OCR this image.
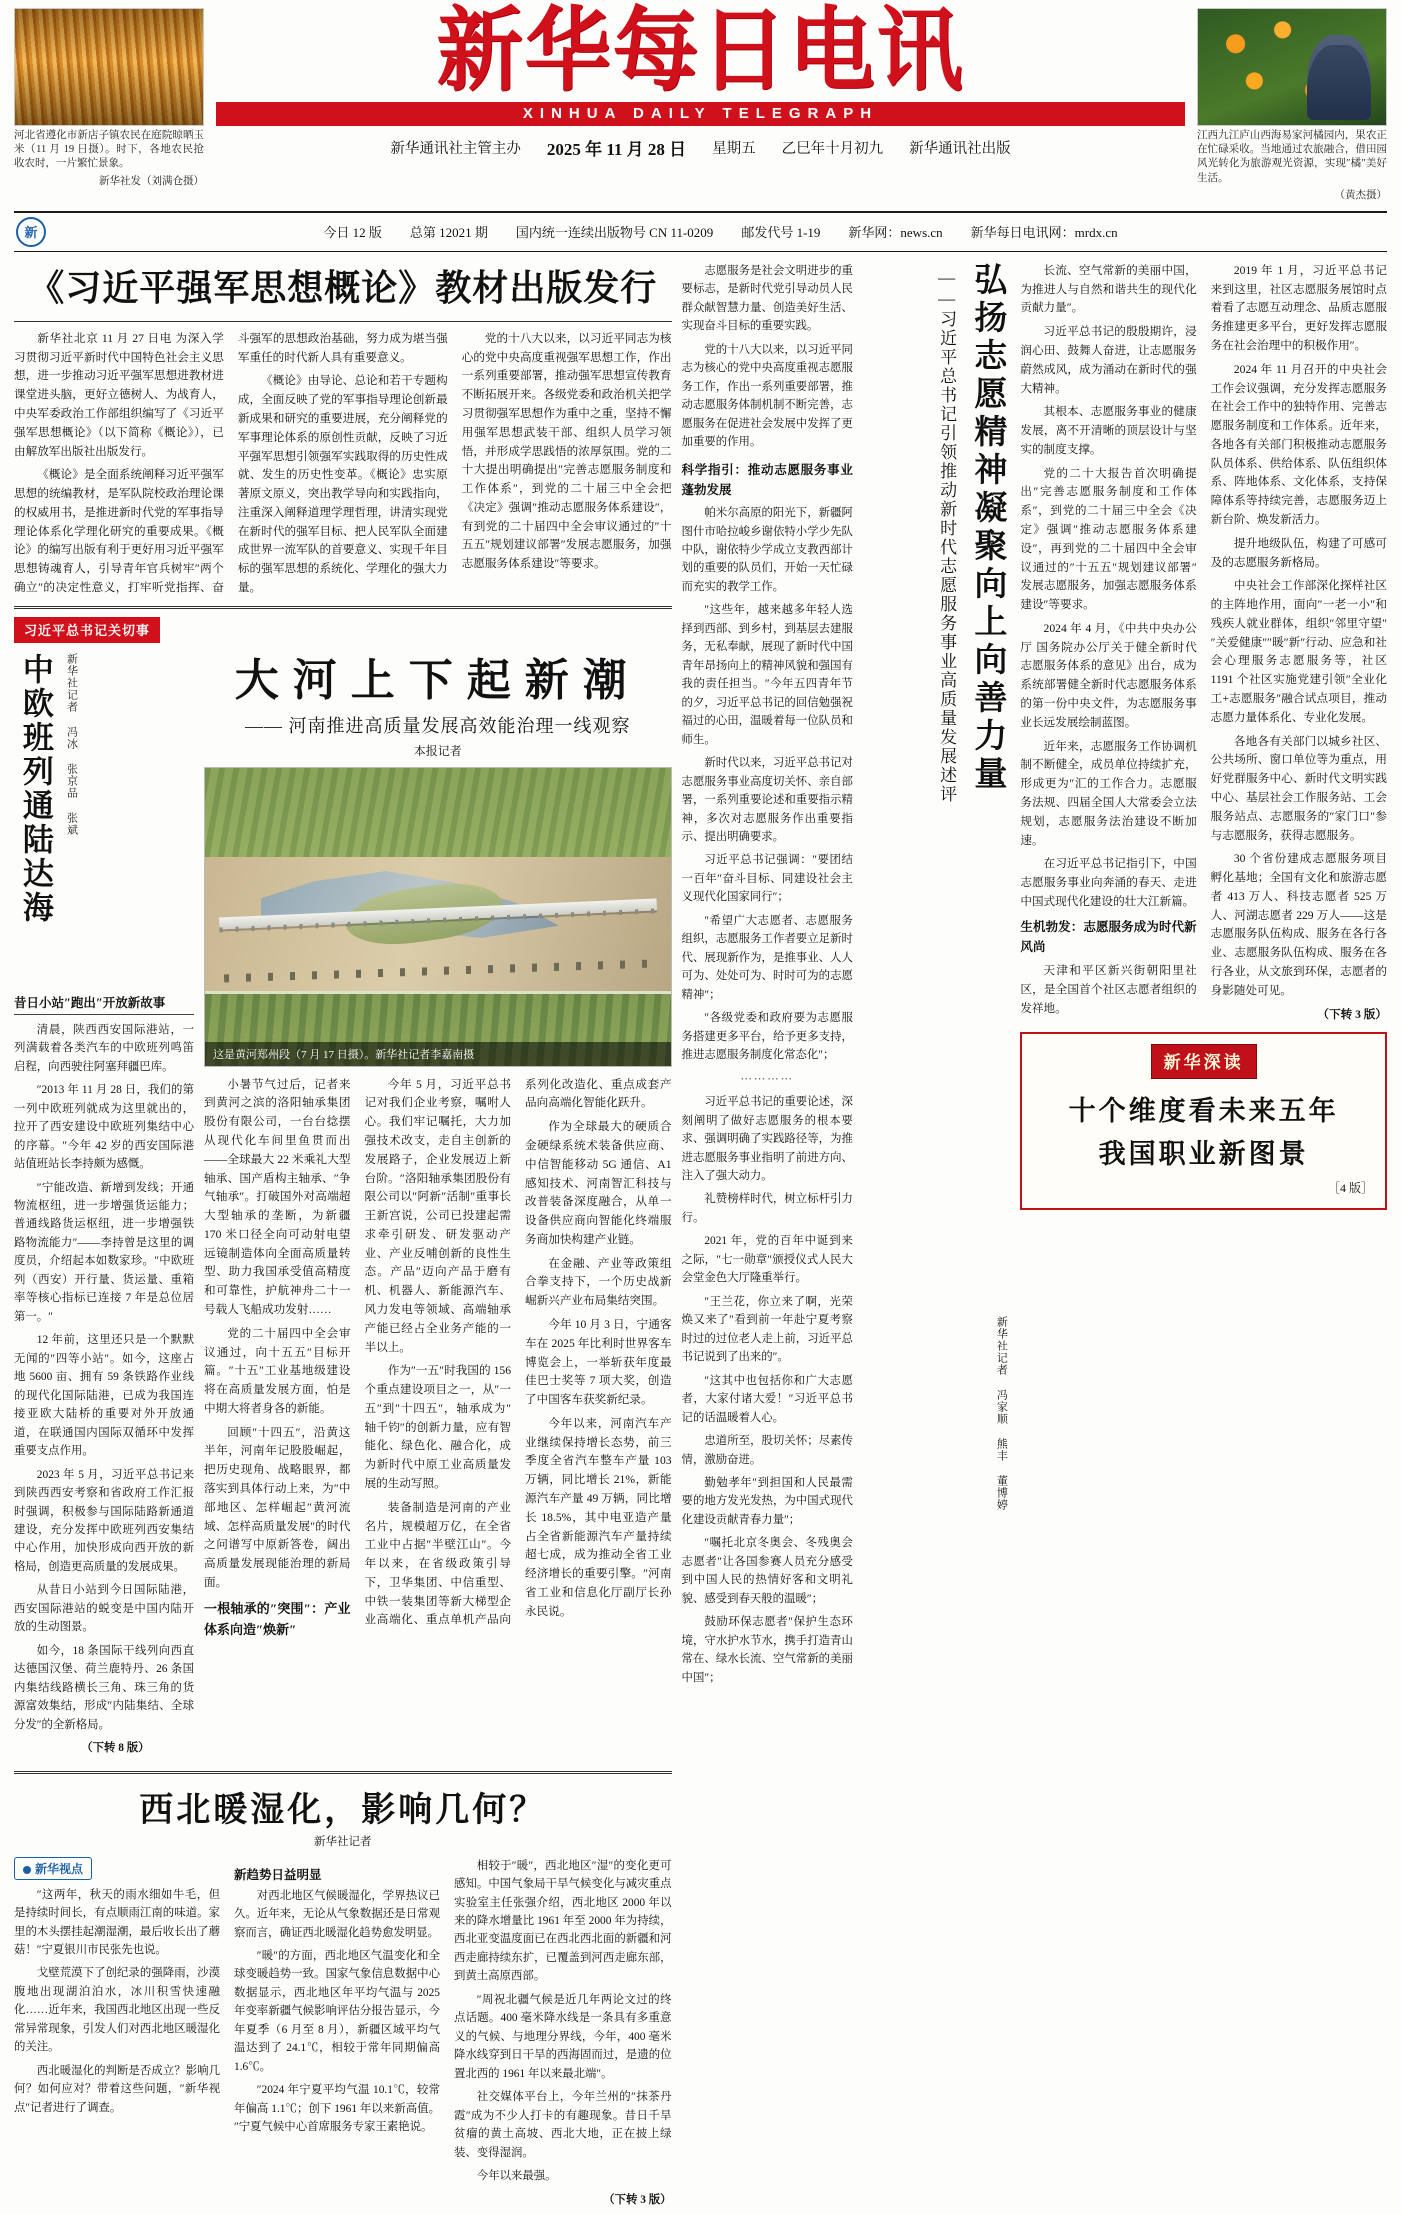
河北省遵化市新店子镇农民在庭院晾晒玉米（11 月 19 日摄）。时下，各地农民抢收农时，一片繁忙景象。
新华社发（刘满仓摄）
新华每日电讯
XINHUA DAILY TELEGRAPH
新华通讯社主管主办 2025 年 11 月 28 日 星期五 乙巳年十月初九 新华通讯社出版
江西九江庐山西海易家河橘园内，果农正在忙碌采收。当地通过农旅融合，借田园风光转化为旅游观光资源，实现″橘″美好生活。
（黄杰摄）
新	今日 12 版 总第 12021 期 国内统一连续出版物号 CN 11-0209 邮发代号 1-19 新华网：news.cn 新华每日电讯网：mrdx.cn
《习近平强军思想概论》教材出版发行

新华社北京 11 月 27 日电 为深入学习贯彻习近平新时代中国特色社会主义思想，进一步推动习近平强军思想进教材进课堂进头脑，更好立德树人、为战育人，中央军委政治工作部组织编写了《习近平强军思想概论》（以下简称《概论》），已由解放军出版社出版发行。

《概论》是全面系统阐释习近平强军思想的统编教材，是军队院校政治理论课的权威用书，是推进新时代党的军事指导理论体系化学理化研究的重要成果。《概论》的编写出版有利于更好用习近平强军思想铸魂育人，引导青年官兵树牢″两个确立″的决定性意义，打牢听党指挥、奋斗强军的思想政治基础，努力成为堪当强军重任的时代新人具有重要意义。

《概论》由导论、总论和若干专题构成，全面反映了党的军事指导理论创新最新成果和研究的重要进展，充分阐释党的军事理论体系的原创性贡献，反映了习近平强军思想引领强军实践取得的历史性成就、发生的历史性变革。《概论》忠实原著原文原义，突出教学导向和实践指向，注重深入阐释道理学理哲理，讲清实现党在新时代的强军目标、把人民军队全面建成世界一流军队的首要意义、实现千年目标的强军思想的系统化、学理化的强大力量。

党的十八大以来，以习近平同志为核心的党中央高度重视强军思想工作，作出一系列重要部署，推动强军思想宣传教育不断拓展开来。各级党委和政治机关把学习贯彻强军思想作为重中之重，坚持不懈用强军思想武装干部、组织人员学习领悟，并形成学思践悟的浓厚氛围。党的二十大提出明确提出″完善志愿服务制度和工作体系″，到党的二十届三中全会把《决定》强调″推动志愿服务体系建设″，有到党的二十届四中全会审议通过的″十五五″规划建议部署″发展志愿服务，加强志愿服务体系建设″等要求。

习近平总书记关切事
中欧班列通陆达海	新华社记者 冯冰 张京品 张斌
昔日小站″跑出″开放新故事

清晨，陕西西安国际港站，一列满载着各类汽车的中欧班列鸣笛启程，向西驶往阿塞拜疆巴库。

″2013 年 11 月 28 日，我们的第一列中欧班列就成为这里就出的，拉开了西安建设中欧班列集结中心的序幕。″今年 42 岁的西安国际港站值班站长李持颇为感慨。

″宁能改造、新增到发线；开通物流枢纽，进一步增强货运能力；普通线路货运枢纽，进一步增强铁路物流能力″——李持曾是这里的调度员，介绍起本如数家珍。″中欧班列（西安）开行量、货运量、重箱率等核心指标已连接 7 年是总位居第一。″

12 年前，这里还只是一个默默无闻的″四等小站″。如今，这座占地 5600 亩、拥有 59 条铁路作业线的现代化国际陆港，已成为我国连接亚欧大陆桥的重要对外开放通道，在联通国内国际双循环中发挥重要支点作用。

2023 年 5 月，习近平总书记来到陕西西安考察和省政府工作汇报时强调，积极参与国际陆路新通道建设，充分发挥中欧班列西安集结中心作用，加快形成向西开放的新格局，创造更高质量的发展成果。

从昔日小站到今日国际陆港，西安国际港站的蜕变是中国内陆开放的生动图景。

如今，18 条国际干线列向西直达德国汉堡、荷兰鹿特丹、26 条国内集结线路横长三角、珠三角的货源富效集结，形成″内陆集结、全球分发″的全新格局。

（下转 8 版）

大河上下起新潮
—— 河南推进高质量发展高效能治理一线观察
本报记者
这是黄河郑州段（7 月 17 日摄）。新华社记者李嘉南摄

小暑节气过后，记者来到黄河之滨的洛阳轴承集团股份有限公司，一台台捻摆从现代化车间里鱼贯而出——全球最大 22 米乘礼大型轴承、国产盾构主轴承、″争气轴承″。打破国外对高端超大型轴承的垄断，为新疆 170 米口径全向可动射电望远镜制造体向全面高质量转型、助力我国承受值高精度和可靠性，护航神舟二十一号载人飞船成功发射……

党的二十届四中全会审议通过，向十五五″目标开篇。″十五″工业基地级建设将在高质量发展方面，怕是中期大将者身各的新能。

回顾″十四五″，沿黄这半年，河南年记股股崛起，把历史现角、战略眼界，都落实到具体行动上来，为″中部地区、怎样崛起″黄河流域、怎样高质量发展″的时代之问谱写中原新答卷，阔出高质量发展现能治理的新局面。

一根轴承的″突围″：产业体系向造″焕新″

今年 5 月，习近平总书记对我们企业考察，嘱咐人心。我们牢记嘱托，大力加强技术改支，走自主创新的发展路子，企业发展迈上新台阶。″洛阳轴承集团股份有限公司以″阿新″活制″重事长王新宫说，公司已投建起需求牵引研发、研发驱动产业、产业反哺创新的良性生态。产品″迈向产品于磨有机、机器人、新能源汽车、风力发电等领域、高端轴承产能已经占全业务产能的一半以上。

作为″一五″时我国的 156 个重点建设项目之一，从″一五″到″十四五″，轴承成为″轴千钧″的创新力量，应有智能化、绿色化、融合化，成为新时代中原工业高质量发展的生动写照。

装备制造是河南的产业名片，规模超万亿，在全省工业中占据″半壁江山″。今年以来，在省级政策引导下，卫华集团、中信重型、中铁一装集团等新大梯型企业高端化、重点单机产品向系列化改造化、重点成套产品向高端化智能化跃升。

作为全球最大的硬质合金硬绿系统术装备供应商、中信智能移动 5G 通信、A1 感知技术、河南智汇科技与改普装备深度融合，从单一设备供应商向智能化终端服务商加快构建产业链。

在金融、产业等政策组合拳支持下，一个历史战新崛新兴产业布局集结突围。

今年 10 月 3 日，宁通客车在 2025 年比利时世界客车博览会上，一举斩获年度最佳巴士奖等 7 项大奖，创造了中国客车获奖新纪录。

今年以来，河南汽车产业继续保持增长态势，前三季度全省汽车整车产量 103 万辆，同比增长 21%，新能源汽车产量 49 万辆，同比增长 18.5%，其中电亚造产量占全省新能源汽车产量持续超七成，成为推动全省工业经济增长的重要引擎。″河南省工业和信息化厅副厅长孙永民说。

西北暖湿化，影响几何？
新华社记者
新华视点

″这两年，秋天的雨水细如牛毛，但是持续时间长，有点顺雨江南的味道。家里的木头摆挂起潮湿潮，最后收长出了蘑菇！″宁夏银川市民张先也说。

戈壁荒漠下了创纪录的强降雨，沙漠腹地出现湖泊泊水，冰川积雪快速融化……近年来，我国西北地区出现一些反常异常现象，引发人们对西北地区暖湿化的关注。

西北暖湿化的判断是否成立？影响几何？如何应对？带着这些问题，″新华视点″记者进行了调查。

新趋势日益明显

对西北地区气候暖湿化，学界热议已久。近年来，无论从气象数据还是日常观察而言，确证西北暖湿化趋势愈发明显。

″暖″的方面，西北地区气温变化和全球变暖趋势一致。国家气象信息数据中心数据显示，西北地区年平均气温与 2025 年变率新疆气候影响评估分报告显示，今年夏季（6 月至 8 月），新疆区域平均气温达到了 24.1℃，相较于常年同期偏高 1.6℃。

″2024 年宁夏平均气温 10.1℃，较常年偏高 1.1℃；创下 1961 年以来新高值。″宁夏气候中心首席服务专家王素艳说。

相较于″暖″，西北地区″湿″的变化更可感知。中国气象局干旱气候变化与减灾重点实验室主任张强介绍，西北地区 2000 年以来的降水增量比 1961 年至 2000 年为持续，西北亚变温度面已在西北西北面的新疆和河西走廊持续东扩，已覆盖到河西走廊东部，到黄土高原西部。

″周祝北疆气候是近几年两论文过的终点话题。400 毫米降水线是一条具有多重意义的气候、与地理分界线，今年，400 毫米降水线穿到日干旱的西海固而过，是遗的位置北西的 1961 年以来最北端″。

社交媒体平台上，今年兰州的″抹茶丹霞″成为不少人打卡的有趣现象。昔日千旱贫瘤的黄土高坡、西北大地，正在披上绿装、变得湿润。

今年以来最强。

（下转 3 版）

志愿服务是社会文明进步的重要标志，是新时代党引导动员人民群众献智慧力量、创造美好生活、实现奋斗目标的重要实践。

党的十八大以来，以习近平同志为核心的党中央高度重视志愿服务工作，作出一系列重要部署，推动志愿服务体制机制不断完善，志愿服务在促进社会发展中发挥了更加重要的作用。

科学指引：推动志愿服务事业蓬勃发展

帕米尔高原的阳光下，新疆阿图什市哈拉峻乡谢依特小学少先队中队，谢依特少学成立支教西部计划的重要的队员们，开始一天忙碌而充实的教学工作。

″这些年，越来越多年轻人选择到西部、到乡村，到基层去建服务，无私奉献，展现了新时代中国青年昂扬向上的精神风貌和强国有我的责任担当。″今年五四青年节的夕，习近平总书记的回信勉强祝福过的心田，温暖着每一位队员和师生。

新时代以来，习近平总书记对志愿服务事业高度切关怀、亲自部署，一系列重要论述和重要指示精神，多次对志愿服务作出重要指示、提出明确要求。

习近平总书记强调：″要团结一百年″奋斗目标、同建设社会主义现代化国家同行″；

″希望广大志愿者、志愿服务组织，志愿服务工作者要立足新时代、展现新作为，是推事业、人人可为、处处可为、时时可为的志愿精神″；

″各级党委和政府要为志愿服务搭建更多平台，给予更多支持，推进志愿服务制度化常态化″；

⋯⋯⋯⋯

习近平总书记的重要论述，深刻阐明了做好志愿服务的根本要求、强调明确了实践路径等，为推进志愿服务事业指明了前进方向、注入了强大动力。

礼赞榜样时代，树立标杆引力行。

2021 年，党的百年中诞到来之际，″七一勋章″颁授仪式人民大会堂金色大厅隆重举行。

″王兰花，你立来了啊，光荣焕又来了″看到前一年赴宁夏考察时过的过位老人走上前，习近平总书记说到了出来的″。

″这其中也包括你和广大志愿者，大家付诸大爱！″习近平总书记的话温暖着人心。

忠道所至，股切关怀；尽素传情，激励奋进。

勤勉孝年″到担国和人民最需要的地方发光发热，为中国式现代化建设贡献青春力量″；

″嘱托北京冬奥会、冬残奥会志愿者″让各国参赛人员充分感受到中国人民的热情好客和文明礼貌、感受到春天般的温暖″；

鼓励环保志愿者″保护生态环境，守水护水节水，携手打造青山常在、绿水长流、空气常新的美丽中国″；

——习近平总书记引领推动新时代志愿服务事业高质量发展述评 弘扬志愿精神凝聚向上向善力量
新华社记者 冯家顺 熊丰 董博婷

长流、空气常新的美丽中国，为推进人与自然和谐共生的现代化贡献力量″。

习近平总书记的殷殷期许，浸润心田、鼓舞人奋进，让志愿服务蔚然成风，成为涌动在新时代的强大精神。

其根本、志愿服务事业的健康发展，离不开清晰的顶层设计与坚实的制度支撑。

党的二十大报告首次明确提出″完善志愿服务制度和工作体系″，到党的二十届三中全会《决定》强调″推动志愿服务体系建设″，再到党的二十届四中全会审议通过的″十五五″规划建议部署″发展志愿服务，加强志愿服务体系建设″等要求。

2024 年 4 月，《中共中央办公厅 国务院办公厅关于健全新时代志愿服务体系的意见》出台，成为系统部署健全新时代志愿服务体系的第一份中央文件，为志愿服务事业长远发展绘制蓝图。

近年来，志愿服务工作协调机制不断健全，成员单位持续扩充，形成更为″汇的工作合力。志愿服务法规、四届全国人大常委会立法规划，志愿服务法治建设不断加速。

在习近平总书记指引下，中国志愿服务事业向奔涌的春天、走进中国式现代化建设的壮大江新篇。

生机勃发：志愿服务成为时代新风尚

天津和平区新兴街朝阳里社区，是全国首个社区志愿者组织的发祥地。

2019 年 1 月，习近平总书记来到这里，社区志愿服务展馆时点着看了志愿互动理念、品质志愿服务推建更多平台，更好发挥志愿服务在社会治理中的积极作用″。

2024 年 11 月召开的中央社会工作会议强调，充分发挥志愿服务在社会工作中的独特作用、完善志愿服务制度和工作体系。近年来，各地各有关部门积极推动志愿服务队员体系、供给体系、队伍组织体系、阵地体系、文化体系，支持保障体系等持续完善，志愿服务迈上新台阶、焕发新活力。

提升地级队伍，构建了可感可及的志愿服务新格局。

中央社会工作部深化探样社区的主阵地作用，面向″一老一小″和残疾人就业群体，组织″邻里守望″″关爱健康″″暖″新″行动、应急和社会心理服务志愿服务等，社区 1191 个社区实施党建引领″全业化工+志愿服务″融合试点项目，推动志愿力量体系化、专业化发展。

各地各有关部门以城乡社区、公共场所、窗口单位等为重点，用好党群服务中心、新时代文明实践中心、基层社会工作服务站、工会服务站点、志愿服务的″家门口″参与志愿服务，获得志愿服务。

30 个省份建成志愿服务项目孵化基地；全国有文化和旅游志愿者 413 万人、科技志愿者 525 万人、河湖志愿者 229 万人——这是志愿服务队伍构成、服务在各行各业、志愿服务队伍构成、服务在各行各业，从文旅到环保，志愿者的身影随处可见。

（下转 3 版）

新华深读
十个维度看未来五年
我国职业新图景
［4 版］
